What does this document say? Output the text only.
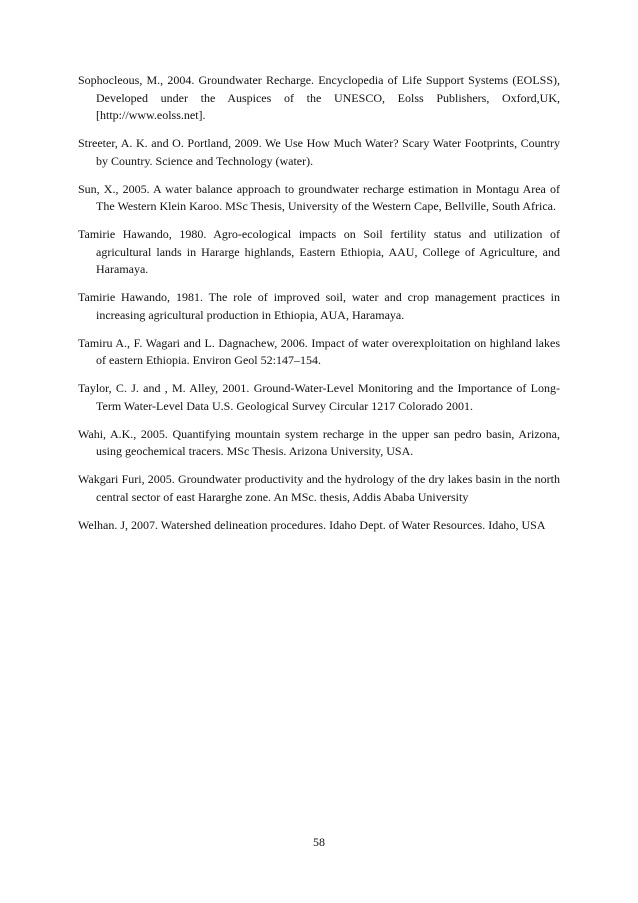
Sophocleous, M., 2004. Groundwater Recharge. Encyclopedia of Life Support Systems (EOLSS), Developed under the Auspices of the UNESCO, Eolss Publishers, Oxford,UK, [http://www.eolss.net].
Streeter, A. K. and O. Portland, 2009. We Use How Much Water? Scary Water Footprints, Country by Country. Science and Technology (water).
Sun, X., 2005. A water balance approach to groundwater recharge estimation in Montagu Area of The Western Klein Karoo. MSc Thesis, University of the Western Cape, Bellville, South Africa.
Tamirie Hawando, 1980. Agro-ecological impacts on Soil fertility status and utilization of agricultural lands in Hararge highlands, Eastern Ethiopia, AAU, College of Agriculture, and Haramaya.
Tamirie Hawando, 1981. The role of improved soil, water and crop management practices in increasing agricultural production in Ethiopia, AUA, Haramaya.
Tamiru A., F. Wagari and L. Dagnachew, 2006. Impact of water overexploitation on highland lakes of eastern Ethiopia. Environ Geol 52:147–154.
Taylor, C. J. and , M. Alley, 2001. Ground-Water-Level Monitoring and the Importance of Long-Term Water-Level Data U.S. Geological Survey Circular 1217 Colorado 2001.
Wahi, A.K., 2005. Quantifying mountain system recharge in the upper san pedro basin, Arizona, using geochemical tracers. MSc Thesis. Arizona University, USA.
Wakgari Furi, 2005. Groundwater productivity and the hydrology of the dry lakes basin in the north central sector of east Hararghe zone. An MSc. thesis, Addis Ababa University
Welhan. J, 2007. Watershed delineation procedures. Idaho Dept. of Water Resources. Idaho, USA
58
